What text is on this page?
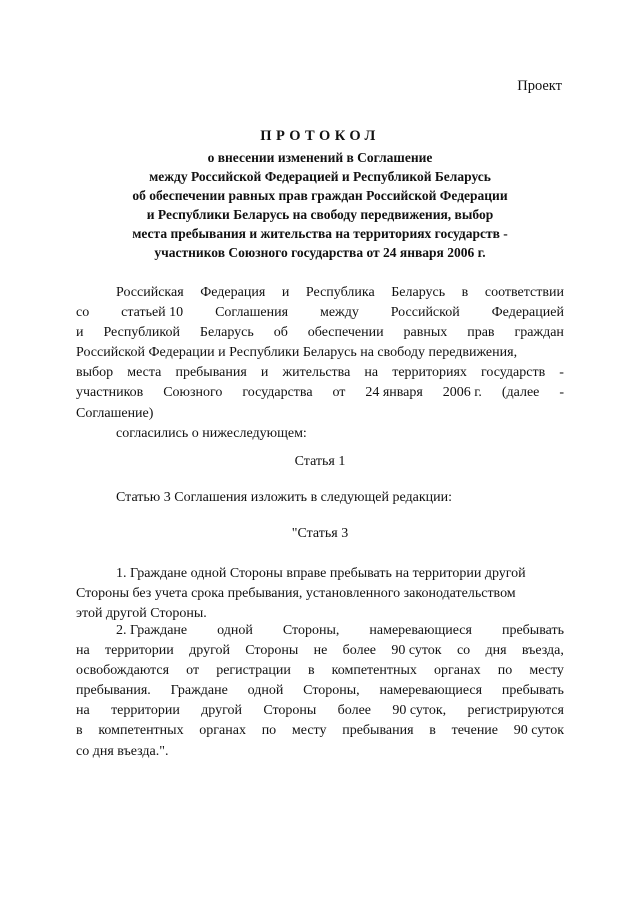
Проект
ПРОТОКОЛ
о внесении изменений в Соглашение
между Российской Федерацией и Республикой Беларусь
об обеспечении равных прав граждан Российской Федерации
и Республики Беларусь на свободу передвижения, выбор
места пребывания и жительства на территориях государств -
участников Союзного государства от 24 января 2006 г.
Российская Федерация и Республика Беларусь в соответствии
со статьей 10 Соглашения между Российской Федерацией
и Республикой Беларусь об обеспечении равных прав граждан
Российской Федерации и Республики Беларусь на свободу передвижения,
выбор места пребывания и жительства на территориях государств -
участников Союзного государства от 24 января 2006 г. (далее -
Соглашение)
согласились о нижеследующем:
Статья 1
Статью 3 Соглашения изложить в следующей редакции:
"Статья 3
1. Граждане одной Стороны вправе пребывать на территории другой
Стороны без учета срока пребывания, установленного законодательством
этой другой Стороны.
2. Граждане одной Стороны, намеревающиеся пребывать
на территории другой Стороны не более 90 суток со дня въезда,
освобождаются от регистрации в компетентных органах по месту
пребывания. Граждане одной Стороны, намеревающиеся пребывать
на территории другой Стороны более 90 суток, регистрируются
в компетентных органах по месту пребывания в течение 90 суток
со дня въезда.".
